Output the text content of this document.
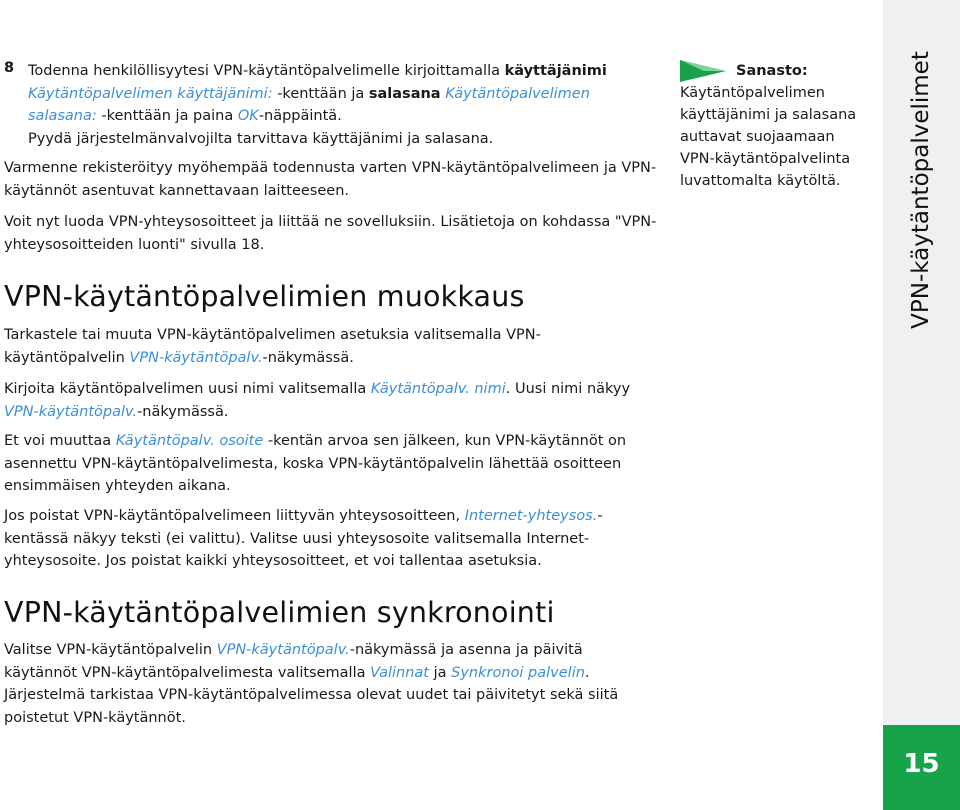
8 Todenna henkilöllisyytesi VPN-käytäntöpalvelimelle kirjoittamalla käyttäjänimi
Käytäntöpalvelimen käyttäjänimi: -kenttään ja salasana Käytäntöpalvelimen salasana: -kenttään ja paina OK-näppäintä.
Pyydä järjestelmänvalvojilta tarvittava käyttäjänimi ja salasana.

Varmenne rekisteröityy myöhempää todennusta varten VPN-käytäntöpalvelimeen ja VPN-käytännöt asentuvat kannettavaan laitteeseen.

Voit nyt luoda VPN-yhteysosoitteet ja liittää ne sovelluksiin. Lisätietoja on kohdassa "VPN-yhteysosoitteiden luonti" sivulla 18.

VPN-käytäntöpalvelimien muokkaus

Tarkastele tai muuta VPN-käytäntöpalvelimen asetuksia valitsemalla VPN-käytäntöpalvelin VPN-käytäntöpalv.-näkymässä.

Kirjoita käytäntöpalvelimen uusi nimi valitsemalla Käytäntöpalv. nimi. Uusi nimi näkyy VPN-käytäntöpalv.-näkymässä.

Et voi muuttaa Käytäntöpalv. osoite -kentän arvoa sen jälkeen, kun VPN-käytännöt on asennettu VPN-käytäntöpalvelimesta, koska VPN-käytäntöpalvelin lähettää osoitteen ensimmäisen yhteyden aikana.

Jos poistat VPN-käytäntöpalvelimeen liittyvän yhteysosoitteen, Internet-yhteysos.-kentässä näkyy teksti (ei valittu). Valitse uusi yhteysosoite valitsemalla Internet-yhteysosoite. Jos poistat kaikki yhteysosoitteet, et voi tallentaa asetuksia.

VPN-käytäntöpalvelimien synkronointi

Valitse VPN-käytäntöpalvelin VPN-käytäntöpalv.-näkymässä ja asenna ja päivitä käytännöt VPN-käytäntöpalvelimesta valitsemalla Valinnat ja Synkronoi palvelin. Järjestelmä tarkistaa VPN-käytäntöpalvelimessa olevat uudet tai päivitetyt sekä siitä poistetut VPN-käytännöt.

Sanasto:
Käytäntöpalvelimen käyttäjänimi ja salasana auttavat suojaamaan VPN-käytäntöpalvelinta luvattomalta käytöltä.	VPN-käytäntöpalvelimet
15
